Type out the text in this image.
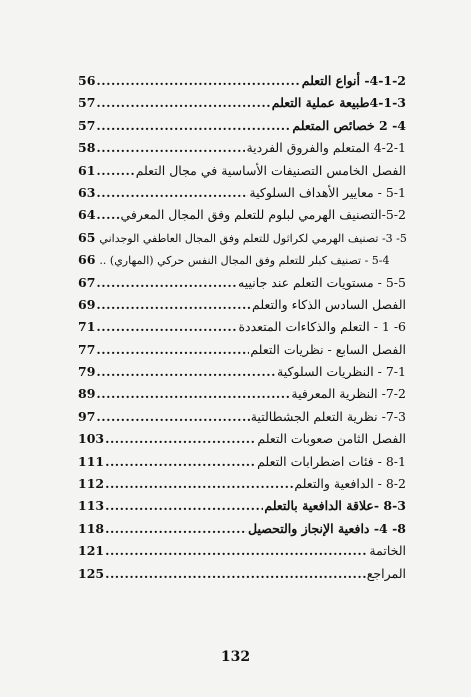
56 .....	4-1-2- أنواع التعلم
57 .....	4-1-3طبيعة عملية التعلم
57 .....	4- 2 خصائص المتعلم
58 .....	4-2-1 المتعلم والفروق الفردية
61 .....	الفصل الخامس التصنيفات الأساسية في مجال التعلم
63 .....	5-1 - معايير الأهداف السلوكية
64 ..... 5-2-التصنيف الهرمي لبلوم للتعلم وفق المجال المعرفي
65 5- 3- تصنيف الهرمي لكراثول للتعلم وفق المجال العاطفي الوجداني
66 5-4 - تصنيف كبلر للتعلم وفق المجال النفس حركي (المهاري) ..
67 .....	5-5 - مستويات التعلم عند جانييه
69 .....	الفصل السادس الذكاء والتعلم
71 .....	6- 1 - التعلم والذكاءات المتعددة
77 .....	الفصل السابع - نظريات التعلم
79 .....	7-1 - النظريات السلوكية
89 .....	7-2- النظرية المعرفية
97 .....	7-3- نظرية التعلم الجشطالتية
103 .....	الفصل الثامن صعوبات التعلم
111 .....	8-1 - فئات اضطرابات التعلم
112 .....	8-2 - الدافعية والتعلم
113 .....	8-3 -علاقة الدافعية بالتعلم
118 .....	8- 4- دافعية الإنجاز والتحصيل
121 .....	الخاتمة
125 .....	المراجع
132
